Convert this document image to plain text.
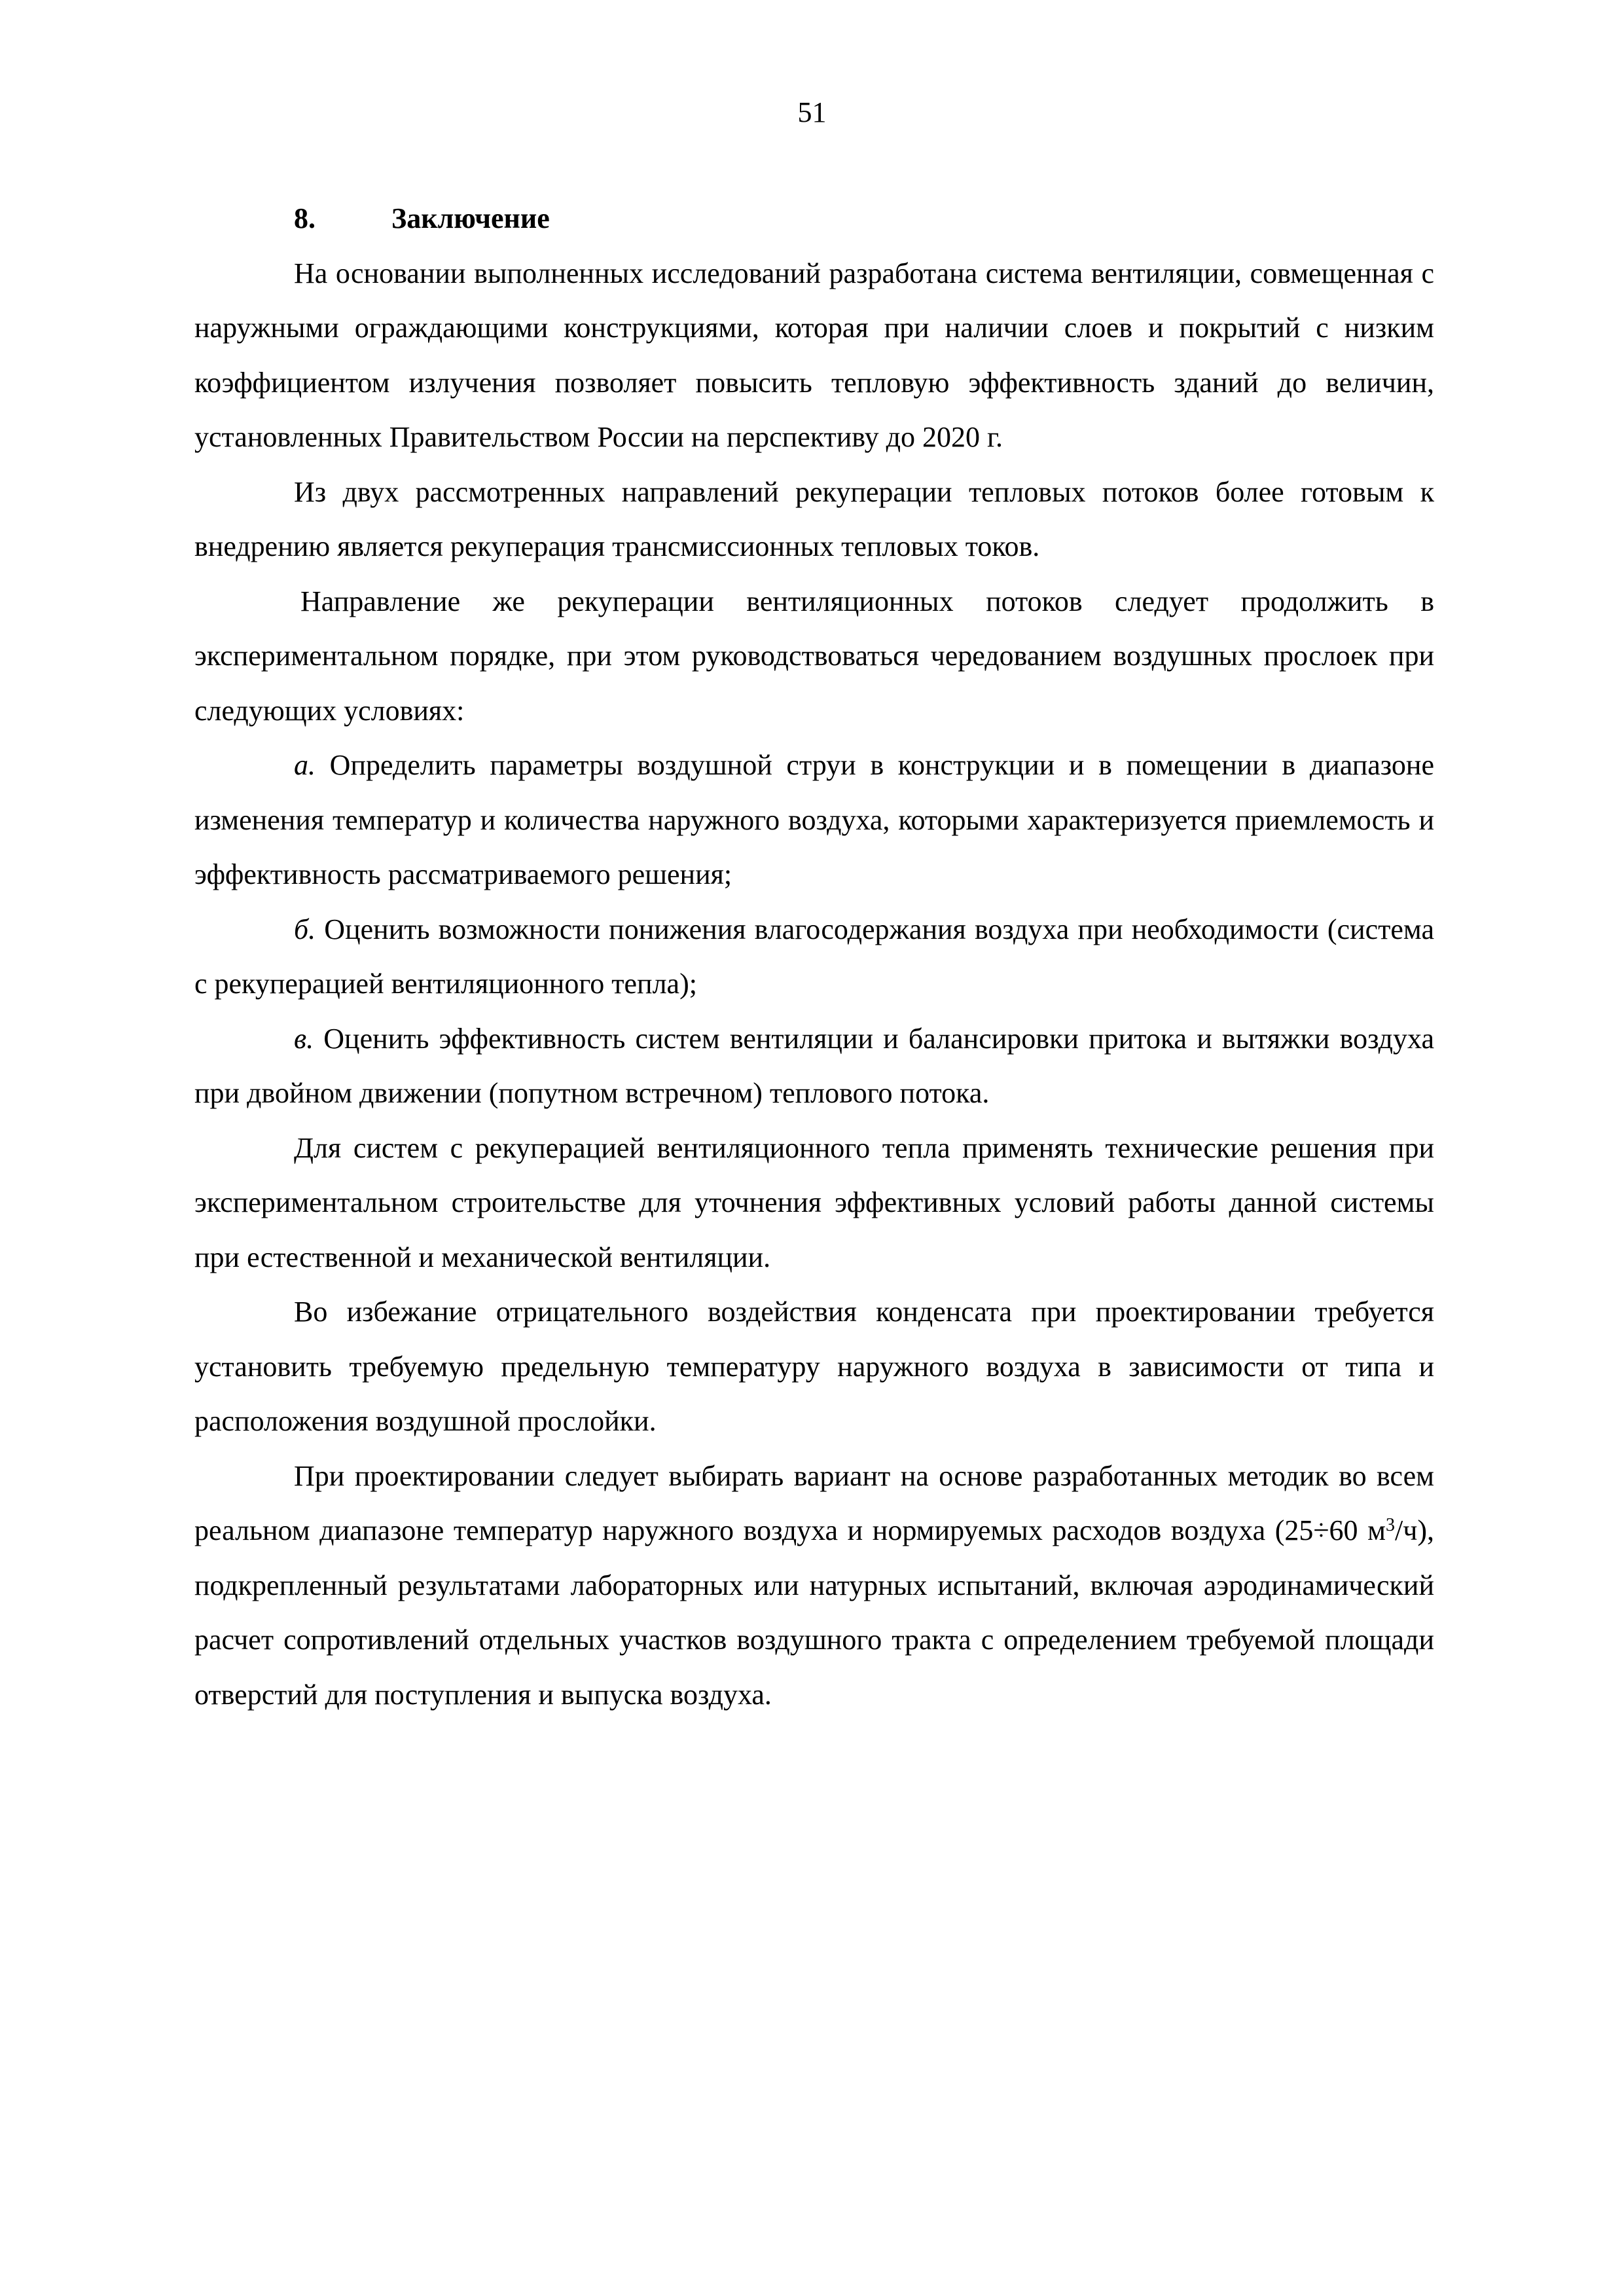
51
8.	Заключение

На основании выполненных исследований разработана система вентиляции, совмещенная с наружными ограждающими конструкциями, которая при наличии слоев и покрытий с низким коэффициентом излучения позволяет повысить тепловую эффективность зданий до величин, установленных Правительством России на перспективу до 2020 г.

Из двух рассмотренных направлений рекуперации тепловых потоков более готовым к внедрению является рекуперация трансмиссионных тепловых токов.

Направление же рекуперации вентиляционных потоков следует продолжить в экспериментальном порядке, при этом руководствоваться чередованием воздушных прослоек при следующих условиях:

а. Определить параметры воздушной струи в конструкции и в помещении в диапазоне изменения температур и количества наружного воздуха, которыми характеризуется приемлемость и эффективность рассматриваемого решения;

б. Оценить возможности понижения влагосодержания воздуха при необходимости (система с рекуперацией вентиляционного тепла);

в. Оценить эффективность систем вентиляции и балансировки притока и вытяжки воздуха при двойном движении (попутном встречном) теплового потока.

Для систем с рекуперацией вентиляционного тепла применять технические решения при экспериментальном строительстве для уточнения эффективных условий работы данной системы при естественной и механической вентиляции.

Во избежание отрицательного воздействия конденсата при проектировании требуется установить требуемую предельную температуру наружного воздуха в зависимости от типа и расположения воздушной прослойки.

При проектировании следует выбирать вариант на основе разработанных методик во всем реальном диапазоне температур наружного воздуха и нормируемых расходов воздуха (25÷60 $м^3/ч$), подкрепленный результатами лабораторных или натурных испытаний, включая аэродинамический расчет сопротивлений отдельных участков воздушного тракта с определением требуемой площади отверстий для поступления и выпуска воздуха.
